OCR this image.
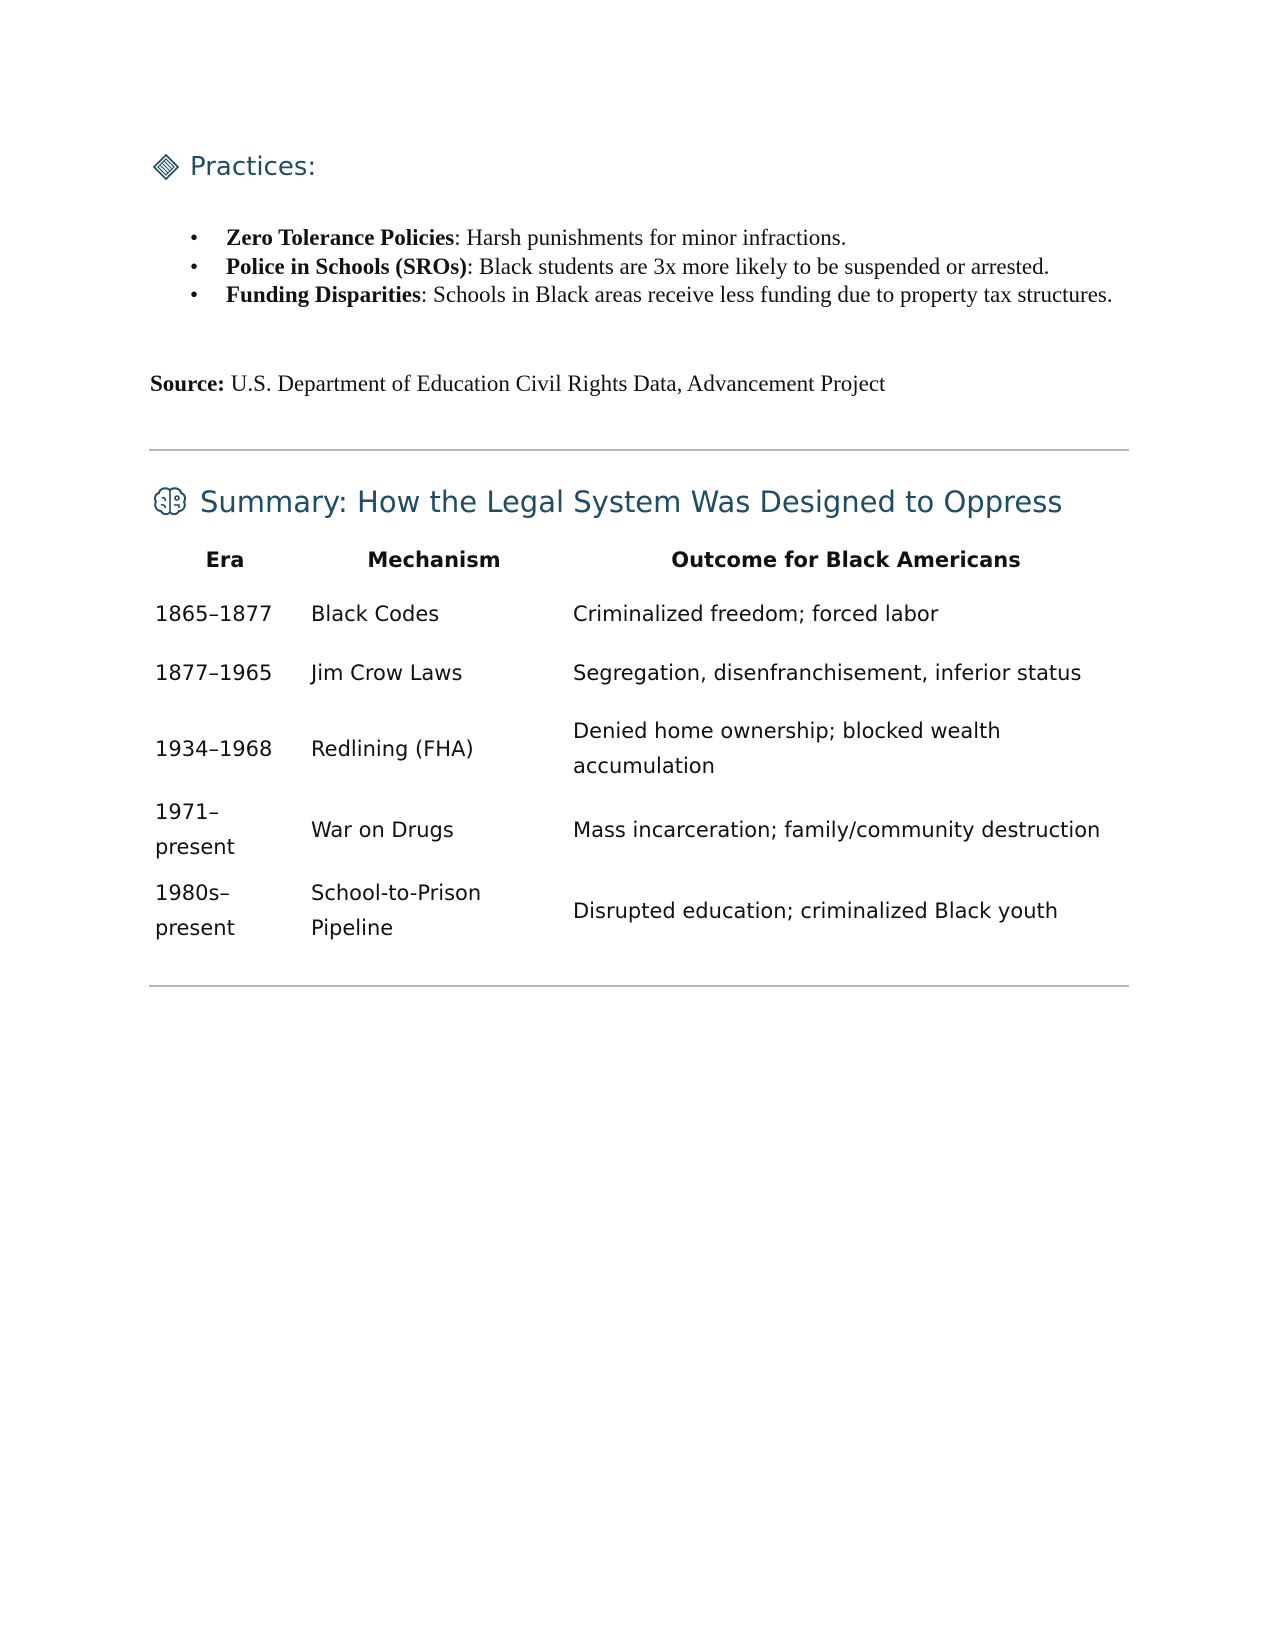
Practices:
• Zero Tolerance Policies: Harsh punishments for minor infractions.
• Police in Schools (SROs): Black students are 3x more likely to be suspended or arrested.
• Funding Disparities: Schools in Black areas receive less funding due to property tax structures.
Source: U.S. Department of Education Civil Rights Data, Advancement Project
Summary: How the Legal System Was Designed to Oppress
Era	Mechanism	Outcome for Black Americans
1865–1877	Black Codes	Criminalized freedom; forced labor
1877–1965	Jim Crow Laws	Segregation, disenfranchisement, inferior status
1934–1968	Redlining (FHA)	Denied home ownership; blocked wealth accumulation
1971–present	War on Drugs	Mass incarceration; family/community destruction
1980s–present	School-to-Prison Pipeline	Disrupted education; criminalized Black youth
